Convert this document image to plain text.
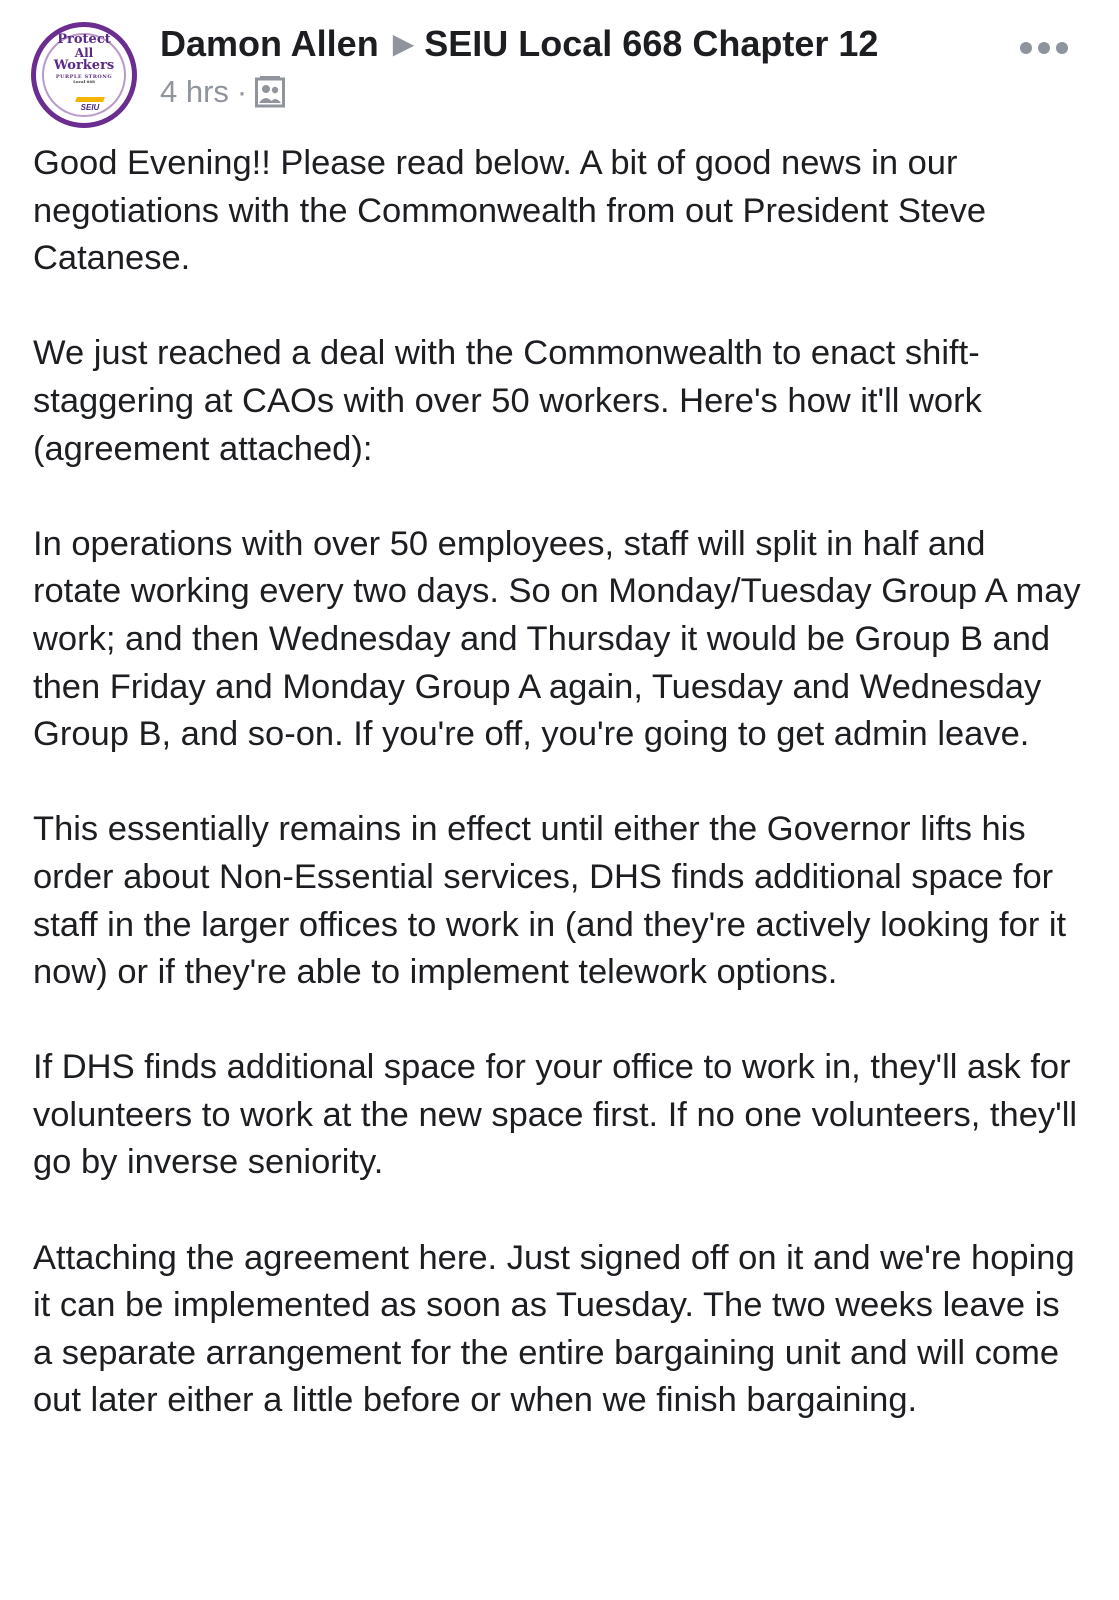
Protect
All
Workers
PURPLE STRONG
Local 668
SEIU
Damon Allen ▶ SEIU Local 668 Chapter 12
4 hrs ·

Good Evening!! Please read below. A bit of good news in our negotiations with the Commonwealth from out President Steve Catanese.

We just reached a deal with the Commonwealth to enact shift-staggering at CAOs with over 50 workers. Here's how it'll work (agreement attached):

In operations with over 50 employees, staff will split in half and rotate working every two days. So on Monday/Tuesday Group A may work; and then Wednesday and Thursday it would be Group B and then Friday and Monday Group A again, Tuesday and Wednesday Group B, and so-on. If you're off, you're going to get admin leave.

This essentially remains in effect until either the Governor lifts his order about Non-Essential services, DHS finds additional space for staff in the larger offices to work in (and they're actively looking for it now) or if they're able to implement telework options.

If DHS finds additional space for your office to work in, they'll ask for volunteers to work at the new space first. If no one volunteers, they'll go by inverse seniority.

Attaching the agreement here. Just signed off on it and we're hoping it can be implemented as soon as Tuesday. The two weeks leave is a separate arrangement for the entire bargaining unit and will come out later either a little before or when we finish bargaining.
